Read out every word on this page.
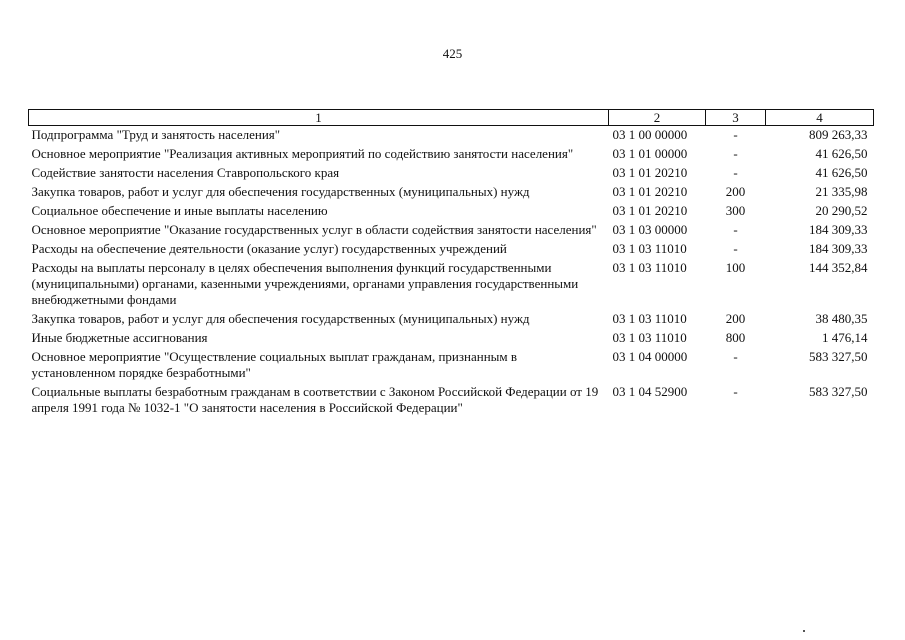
425
1	2	3	4
Подпрограмма "Труд и занятость населения"	03 1 00 00000	-	809 263,33
Основное мероприятие "Реализация активных мероприятий по содействию занятости населения"	03 1 01 00000	-	41 626,50
Содействие занятости населения Ставропольского края	03 1 01 20210	-	41 626,50
Закупка товаров, работ и услуг для обеспечения государственных (муниципальных) нужд	03 1 01 20210	200	21 335,98
Социальное обеспечение и иные выплаты населению	03 1 01 20210	300	20 290,52
Основное мероприятие "Оказание государственных услуг в области содействия занятости населения"	03 1 03 00000	-	184 309,33
Расходы на обеспечение деятельности (оказание услуг) государственных учреждений	03 1 03 11010	-	184 309,33
Расходы на выплаты персоналу в целях обеспечения выполнения функций государственными (муниципальными) органами, казенными учреждениями, органами управления государственными внебюджетными фондами	03 1 03 11010	100	144 352,84
Закупка товаров, работ и услуг для обеспечения государственных (муниципальных) нужд	03 1 03 11010	200	38 480,35
Иные бюджетные ассигнования	03 1 03 11010	800	1 476,14
Основное мероприятие "Осуществление социальных выплат гражданам, признанным в установленном порядке безработными"	03 1 04 00000	-	583 327,50
Социальные выплаты безработным гражданам в соответствии с Законом Российской Федерации от 19 апреля 1991 года № 1032-1 "О занятости населения в Российской Федерации"	03 1 04 52900	-	583 327,50
